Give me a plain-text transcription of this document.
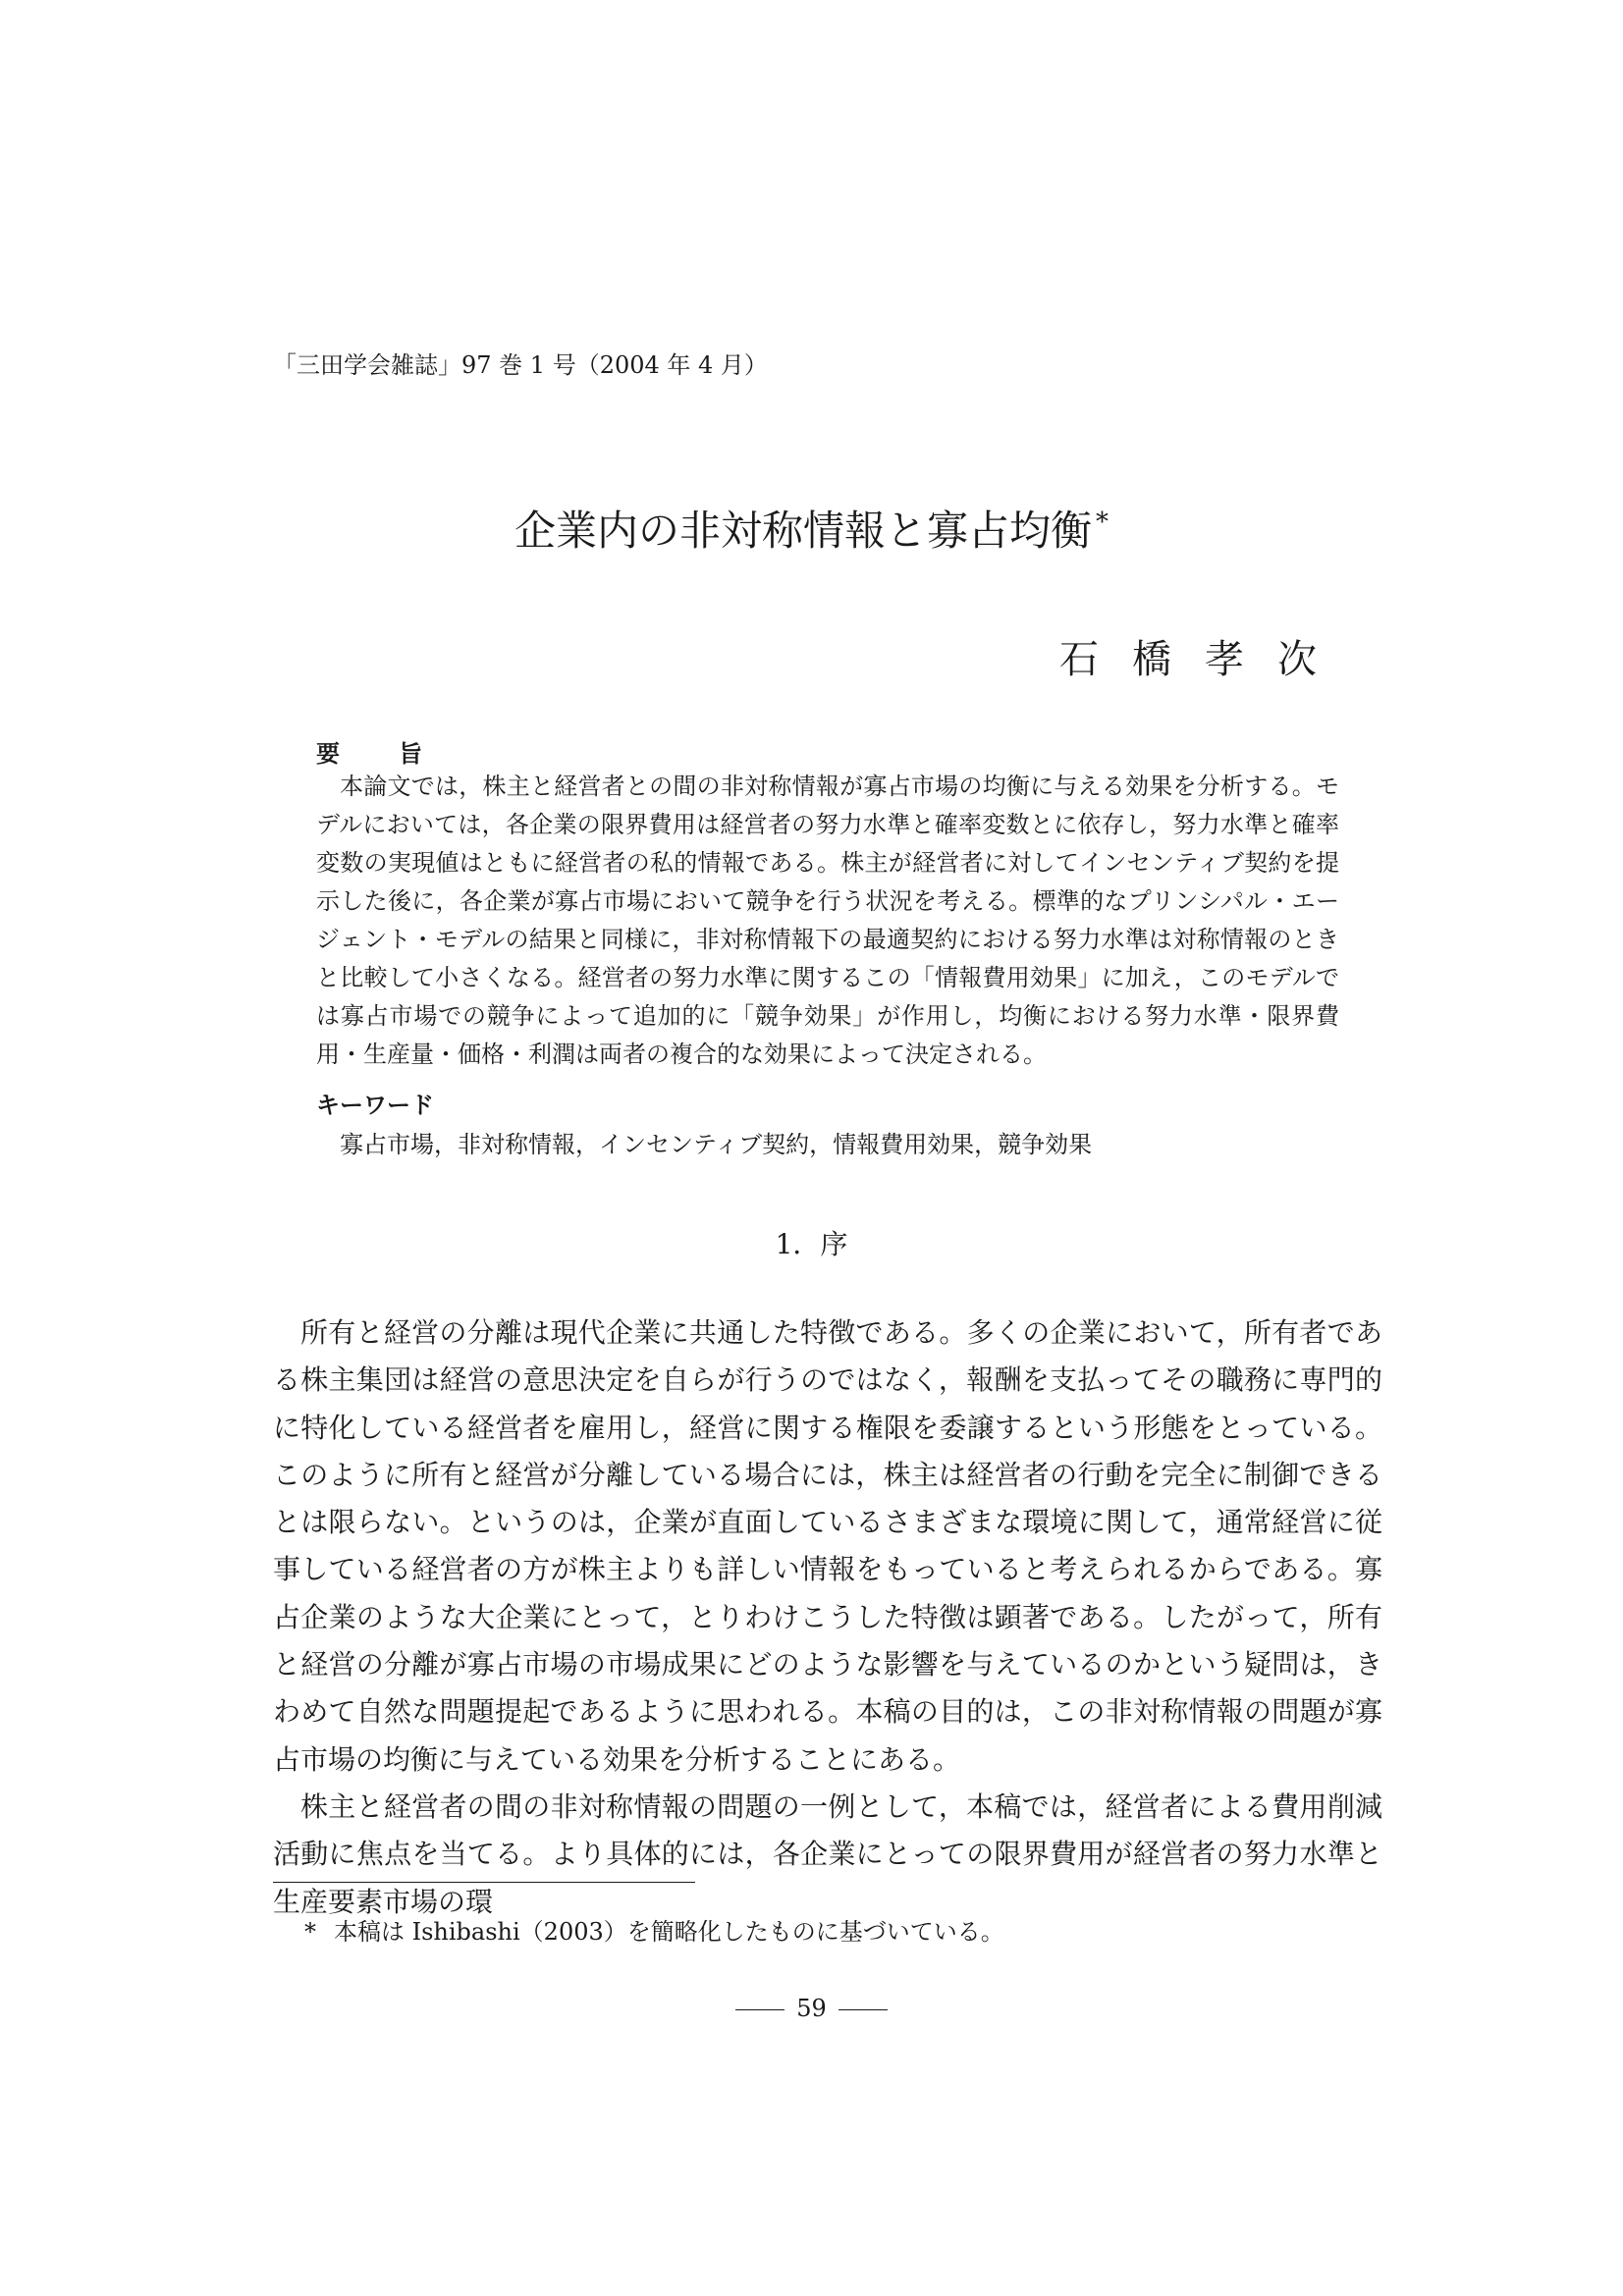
「三田学会雑誌」97 巻 1 号（2004 年 4 月）
企業内の非対称情報と寡占均衡 *
石橋孝次
要旨
本論文では，株主と経営者との間の非対称情報が寡占市場の均衡に与える効果を分析する。モデルにおいては，各企業の限界費用は経営者の努力水準と確率変数とに依存し，努力水準と確率変数の実現値はともに経営者の私的情報である。株主が経営者に対してインセンティブ契約を提示した後に，各企業が寡占市場において競争を行う状況を考える。標準的なプリンシパル・エージェント・モデルの結果と同様に，非対称情報下の最適契約における努力水準は対称情報のときと比較して小さくなる。経営者の努力水準に関するこの「情報費用効果」に加え，このモデルでは寡占市場での競争によって追加的に「競争効果」が作用し，均衡における努力水準・限界費用・生産量・価格・利潤は両者の複合的な効果によって決定される。
キーワード
寡占市場，非対称情報，インセンティブ契約，情報費用効果，競争効果
1．序

所有と経営の分離は現代企業に共通した特徴である。多くの企業において，所有者である株主集団は経営の意思決定を自らが行うのではなく，報酬を支払ってその職務に専門的に特化している経営者を雇用し，経営に関する権限を委譲するという形態をとっている。このように所有と経営が分離している場合には，株主は経営者の行動を完全に制御できるとは限らない。というのは，企業が直面しているさまざまな環境に関して，通常経営に従事している経営者の方が株主よりも詳しい情報をもっていると考えられるからである。寡占企業のような大企業にとって，とりわけこうした特徴は顕著である。したがって，所有と経営の分離が寡占市場の市場成果にどのような影響を与えているのかという疑問は，きわめて自然な問題提起であるように思われる。本稿の目的は，この非対称情報の問題が寡占市場の均衡に与えている効果を分析することにある。

株主と経営者の間の非対称情報の問題の一例として，本稿では，経営者による費用削減活動に焦点を当てる。より具体的には，各企業にとっての限界費用が経営者の努力水準と生産要素市場の環

* 本稿は Ishibashi（2003）を簡略化したものに基づいている。
59
